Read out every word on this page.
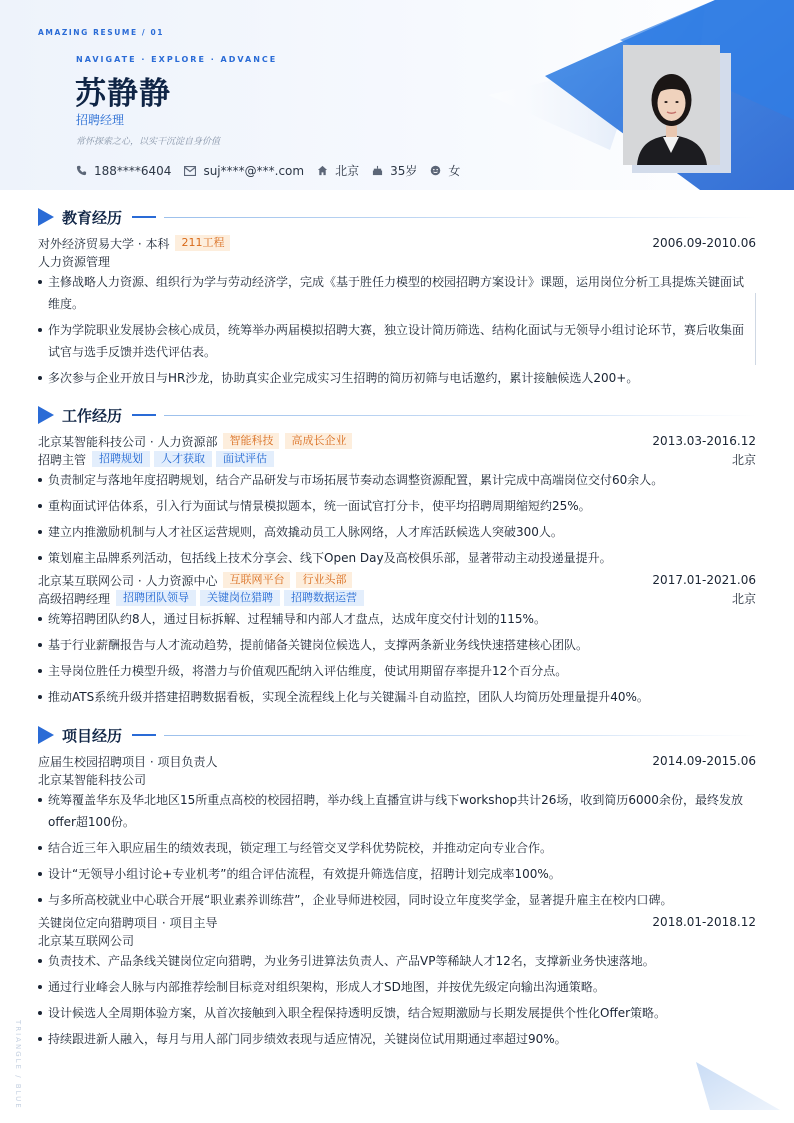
AMAZING RESUME / 01
NAVIGATE · EXPLORE · ADVANCE
苏静静
招聘经理
常怀探索之心，以实干沉淀自身价值
188****6404	suj****@***.com	北京	35岁	女
教育经历
对外经济贸易大学 · 本科	211工程	2006.09-2010.06
人力资源管理
主修战略人力资源、组织行为学与劳动经济学，完成《基于胜任力模型的校园招聘方案设计》课题，运用岗位分析工具提炼关键面试维度。
作为学院职业发展协会核心成员，统筹举办两届模拟招聘大赛，独立设计简历筛选、结构化面试与无领导小组讨论环节，赛后收集面试官与选手反馈并迭代评估表。
多次参与企业开放日与HR沙龙，协助真实企业完成实习生招聘的简历初筛与电话邀约，累计接触候选人200+。
工作经历
北京某智能科技公司 · 人力资源部	智能科技	高成长企业	2013.03-2016.12
招聘主管	招聘规划	人才获取	面试评估	北京
负责制定与落地年度招聘规划，结合产品研发与市场拓展节奏动态调整资源配置，累计完成中高端岗位交付60余人。
重构面试评估体系，引入行为面试与情景模拟题本，统一面试官打分卡，使平均招聘周期缩短约25%。
建立内推激励机制与人才社区运营规则，高效撬动员工人脉网络，人才库活跃候选人突破300人。
策划雇主品牌系列活动，包括线上技术分享会、线下Open Day及高校俱乐部，显著带动主动投递量提升。
北京某互联网公司 · 人力资源中心	互联网平台	行业头部	2017.01-2021.06
高级招聘经理	招聘团队领导	关键岗位猎聘	招聘数据运营	北京
统筹招聘团队约8人，通过目标拆解、过程辅导和内部人才盘点，达成年度交付计划的115%。
基于行业薪酬报告与人才流动趋势，提前储备关键岗位候选人，支撑两条新业务线快速搭建核心团队。
主导岗位胜任力模型升级，将潜力与价值观匹配纳入评估维度，使试用期留存率提升12个百分点。
推动ATS系统升级并搭建招聘数据看板，实现全流程线上化与关键漏斗自动监控，团队人均简历处理量提升40%。
项目经历
应届生校园招聘项目 · 项目负责人	2014.09-2015.06
北京某智能科技公司
统筹覆盖华东及华北地区15所重点高校的校园招聘，举办线上直播宣讲与线下workshop共计26场，收到简历6000余份，最终发放offer超100份。
结合近三年入职应届生的绩效表现，锁定理工与经管交叉学科优势院校，并推动定向专业合作。
设计“无领导小组讨论+专业机考”的组合评估流程，有效提升筛选信度，招聘计划完成率100%。
与多所高校就业中心联合开展“职业素养训练营”，企业导师进校园，同时设立年度奖学金，显著提升雇主在校内口碑。
关键岗位定向猎聘项目 · 项目主导	2018.01-2018.12
北京某互联网公司
负责技术、产品条线关键岗位定向猎聘，为业务引进算法负责人、产品VP等稀缺人才12名，支撑新业务快速落地。
通过行业峰会人脉与内部推荐绘制目标竞对组织架构，形成人才SD地图，并按优先级定向输出沟通策略。
设计候选人全周期体验方案，从首次接触到入职全程保持透明反馈，结合短期激励与长期发展提供个性化Offer策略。
持续跟进新人融入，每月与用人部门同步绩效表现与适应情况，关键岗位试用期通过率超过90%。
TRIANGLE / BLUE
